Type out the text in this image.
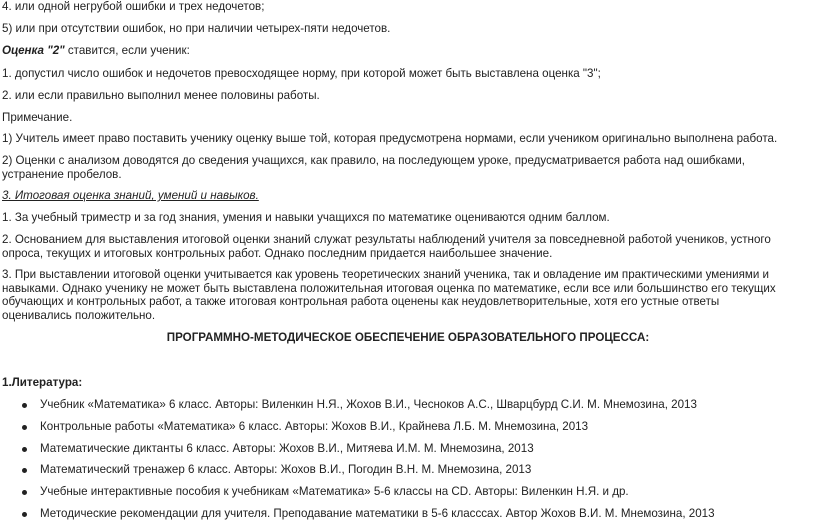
4. или одной негрубой ошибки и трех недочетов;
5) или при отсутствии ошибок, но при наличии четырех-пяти недочетов.
Оценка "2" ставится, если ученик:
1. допустил число ошибок и недочетов превосходящее норму, при которой может быть выставлена оценка "3";
2. или если правильно выполнил менее половины работы.
Примечание.
1) Учитель имеет право поставить ученику оценку выше той, которая предусмотрена нормами, если учеником оригинально выполнена работа.
2) Оценки с анализом доводятся до сведения учащихся, как правило, на последующем уроке, предусматривается работа над ошибками, устранение пробелов.
3. Итоговая оценка знаний, умений и навыков.
1. За учебный триместр и за год знания, умения и навыки учащихся по математике оцениваются одним баллом.
2. Основанием для выставления итоговой оценки знаний служат результаты наблюдений учителя за повседневной работой учеников, устного опроса, текущих и итоговых контрольных работ. Однако последним придается наибольшее значение.
3. При выставлении итоговой оценки учитывается как уровень теоретических знаний ученика, так и овладение им практическими умениями и навыками. Однако ученику не может быть выставлена положительная итоговая оценка по математике, если все или большинство его текущих обучающих и контрольных работ, а также итоговая контрольная работа оценены как неудовлетворительные, хотя его устные ответы оценивались положительно.
ПРОГРАММНО-МЕТОДИЧЕСКОЕ ОБЕСПЕЧЕНИЕ ОБРАЗОВАТЕЛЬНОГО ПРОЦЕССА:
1.Литература:
Учебник «Математика» 6 класс. Авторы: Виленкин Н.Я., Жохов В.И., Чесноков А.С., Шварцбурд С.И. М. Мнемозина, 2013
Контрольные работы «Математика» 6 класс. Авторы: Жохов В.И., Крайнева Л.Б. М. Мнемозина, 2013
Математические диктанты 6 класс. Авторы: Жохов В.И., Митяева И.М. М. Мнемозина, 2013
Математический тренажер 6 класс. Авторы: Жохов В.И., Погодин В.Н. М. Мнемозина, 2013
Учебные интерактивные пособия к учебникам «Математика» 5-6 классы на CD. Авторы: Виленкин Н.Я. и др.
Методические рекомендации для учителя. Преподавание математики в 5-6 класссах. Автор Жохов В.И. М. Мнемозина, 2013
